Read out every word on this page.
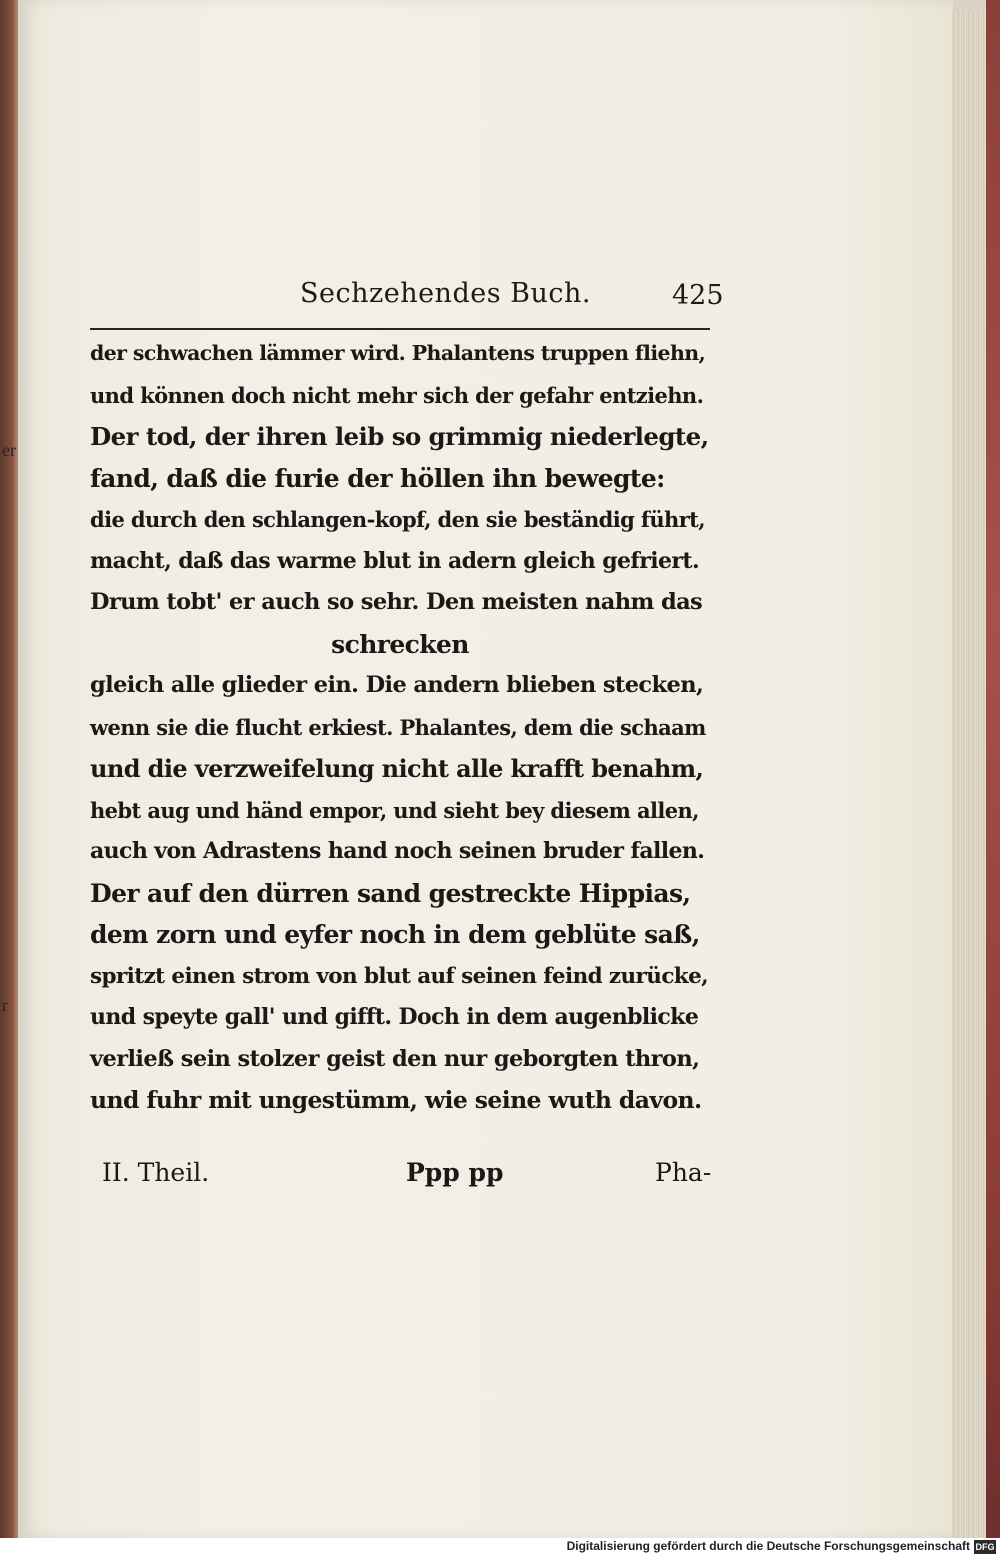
er
r
Sechzehendes Buch.	425
der schwachen lämmer wird. Phalantens truppen fliehn,
und können doch nicht mehr sich der gefahr entziehn.
Der tod, der ihren leib so grimmig niederlegte,
fand, daß die furie der höllen ihn bewegte:
die durch den schlangen-kopf, den sie beständig führt,
macht, daß das warme blut in adern gleich gefriert.
Drum tobt' er auch so sehr. Den meisten nahm das
schrecken
gleich alle glieder ein. Die andern blieben stecken,
wenn sie die flucht erkiest. Phalantes, dem die schaam
und die verzweifelung nicht alle krafft benahm,
hebt aug und händ empor, und sieht bey diesem allen,
auch von Adrastens hand noch seinen bruder fallen.
Der auf den dürren sand gestreckte Hippias,
dem zorn und eyfer noch in dem geblüte saß,
spritzt einen strom von blut auf seinen feind zurücke,
und speyte gall' und gifft. Doch in dem augenblicke
verließ sein stolzer geist den nur geborgten thron,
und fuhr mit ungestümm, wie seine wuth davon.
II. Theil.	Ppp pp	Pha-
Digitalisierung gefördert durch die Deutsche Forschungsgemeinschaft DFG
